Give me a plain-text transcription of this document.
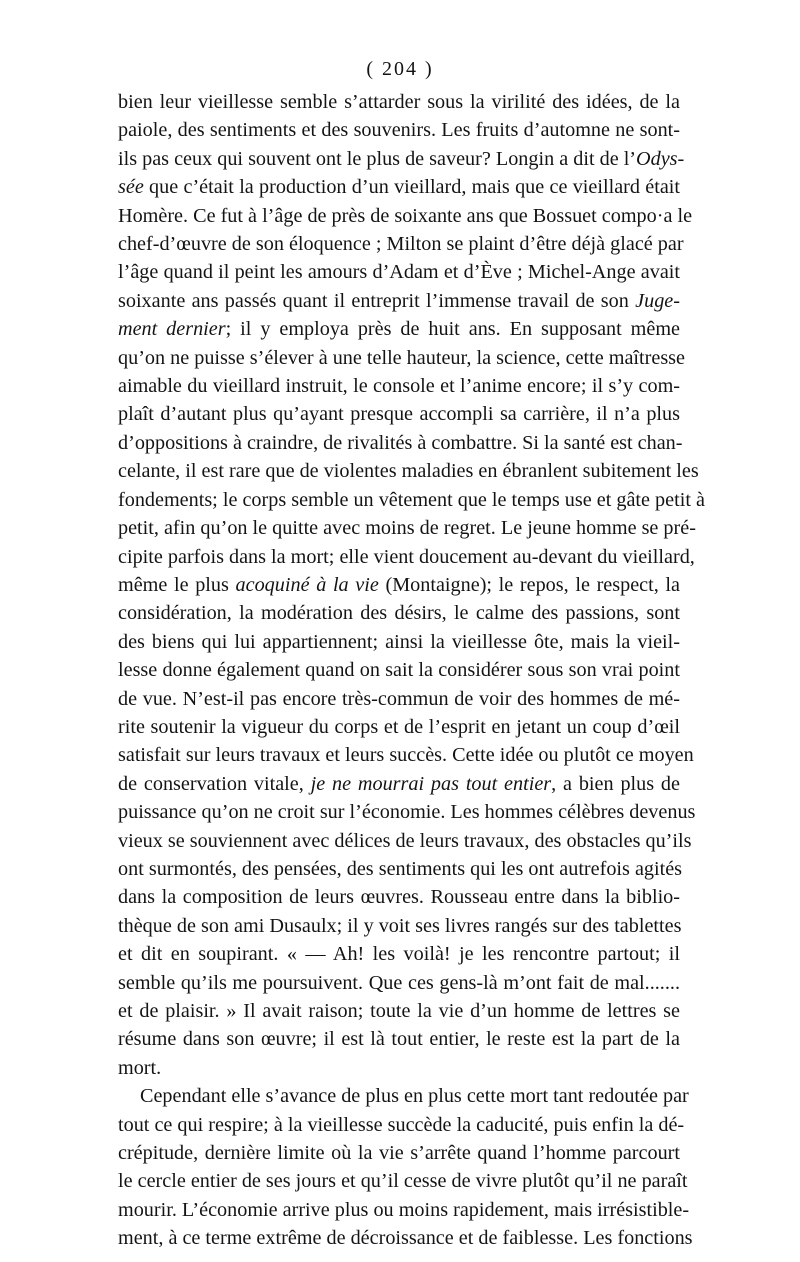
( 204 )

bien leur vieillesse semble s’attarder sous la virilité des idées, de la
paiole, des sentiments et des souvenirs. Les fruits d’automne ne sont-
ils pas ceux qui souvent ont le plus de saveur? Longin a dit de l’Odys-
sée que c’était la production d’un vieillard, mais que ce vieillard était
Homère. Ce fut à l’âge de près de soixante ans que Bossuet compo·a le
chef-d’œuvre de son éloquence ; Milton se plaint d’être déjà glacé par
l’âge quand il peint les amours d’Adam et d’Ève ; Michel-Ange avait
soixante ans passés quant il entreprit l’immense travail de son Juge-
ment dernier; il y employa près de huit ans. En supposant même
qu’on ne puisse s’élever à une telle hauteur, la science, cette maîtresse
aimable du vieillard instruit, le console et l’anime encore; il s’y com-
plaît d’autant plus qu’ayant presque accompli sa carrière, il n’a plus
d’oppositions à craindre, de rivalités à combattre. Si la santé est chan-
celante, il est rare que de violentes maladies en ébranlent subitement les
fondements; le corps semble un vêtement que le temps use et gâte petit à
petit, afin qu’on le quitte avec moins de regret. Le jeune homme se pré-
cipite parfois dans la mort; elle vient doucement au-devant du vieillard,
même le plus acoquiné à la vie (Montaigne); le repos, le respect, la
considération, la modération des désirs, le calme des passions, sont
des biens qui lui appartiennent; ainsi la vieillesse ôte, mais la vieil-
lesse donne également quand on sait la considérer sous son vrai point
de vue. N’est-il pas encore très-commun de voir des hommes de mé-
rite soutenir la vigueur du corps et de l’esprit en jetant un coup d’œil
satisfait sur leurs travaux et leurs succès. Cette idée ou plutôt ce moyen
de conservation vitale, je ne mourrai pas tout entier, a bien plus de
puissance qu’on ne croit sur l’économie. Les hommes célèbres devenus
vieux se souviennent avec délices de leurs travaux, des obstacles qu’ils
ont surmontés, des pensées, des sentiments qui les ont autrefois agités
dans la composition de leurs œuvres. Rousseau entre dans la biblio-
thèque de son ami Dusaulx; il y voit ses livres rangés sur des tablettes
et dit en soupirant. « — Ah! les voilà! je les rencontre partout; il
semble qu’ils me poursuivent. Que ces gens-là m’ont fait de mal.......
et de plaisir. » Il avait raison; toute la vie d’un homme de lettres se
résume dans son œuvre; il est là tout entier, le reste est la part de la
mort.

Cependant elle s’avance de plus en plus cette mort tant redoutée par
tout ce qui respire; à la vieillesse succède la caducité, puis enfin la dé-
crépitude, dernière limite où la vie s’arrête quand l’homme parcourt
le cercle entier de ses jours et qu’il cesse de vivre plutôt qu’il ne paraît
mourir. L’économie arrive plus ou moins rapidement, mais irrésistible-
ment, à ce terme extrême de décroissance et de faiblesse. Les fonctions
